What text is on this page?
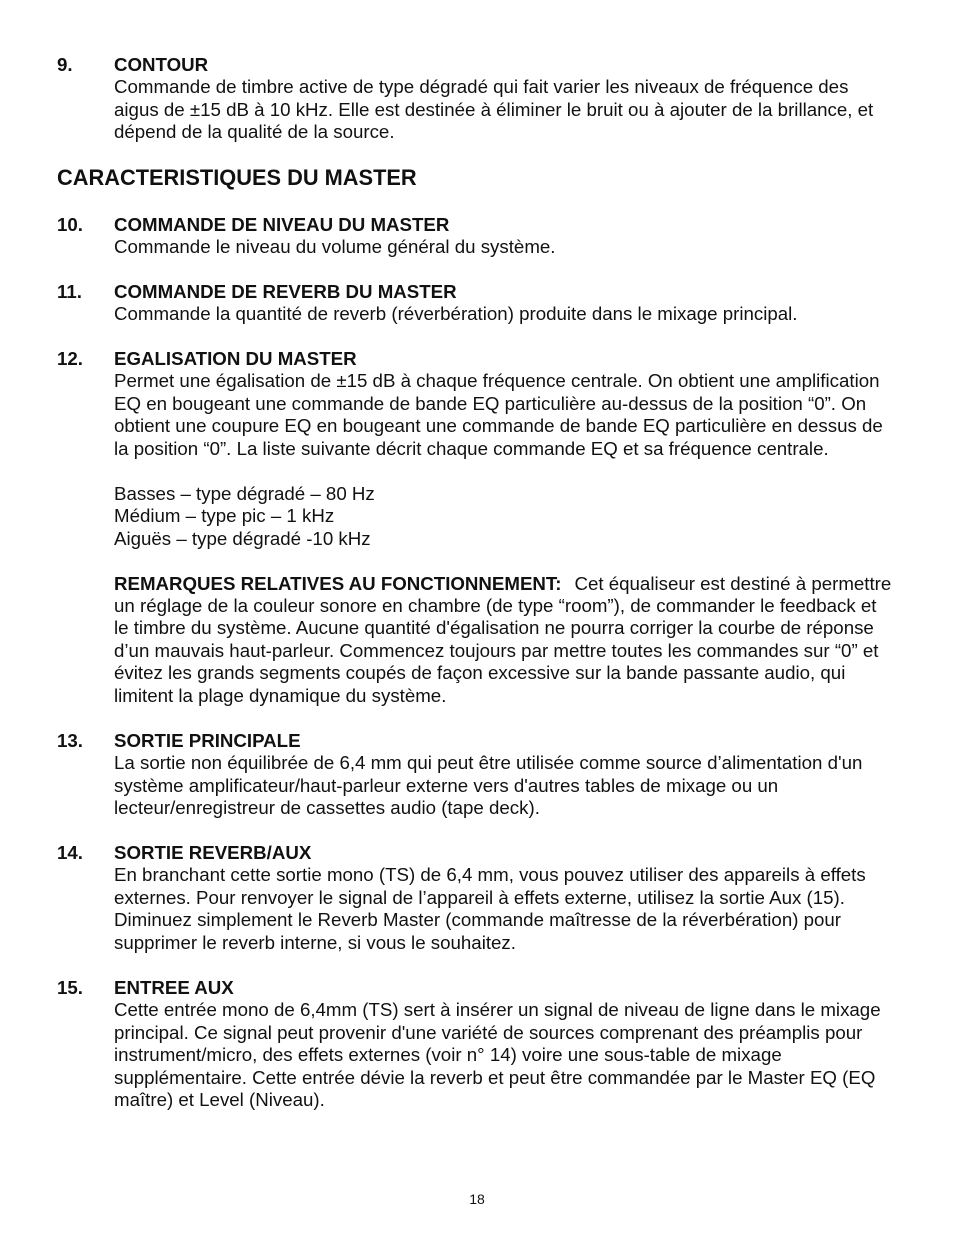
9. CONTOUR
Commande de timbre active de type dégradé qui fait varier les niveaux de fréquence des
aigus de ±15 dB à 10 kHz. Elle est destinée à éliminer le bruit ou à ajouter de la brillance, et
dépend de la qualité de la source.
CARACTERISTIQUES DU MASTER
10. COMMANDE DE NIVEAU DU MASTER
Commande le niveau du volume général du système.
11. COMMANDE DE REVERB DU MASTER
Commande la quantité de reverb (réverbération) produite dans le mixage principal.
12. EGALISATION DU MASTER
Permet une égalisation de ±15 dB à chaque fréquence centrale. On obtient une amplification
EQ en bougeant une commande de bande EQ particulière au-dessus de la position “0”. On
obtient une coupure EQ en bougeant une commande de bande EQ particulière en dessus de
la position “0”. La liste suivante décrit chaque commande EQ et sa fréquence centrale.
Basses – type dégradé – 80 Hz
Médium – type pic – 1 kHz
Aiguës – type dégradé -10 kHz
REMARQUES RELATIVES AU FONCTIONNEMENT: Cet équaliseur est destiné à permettre
un réglage de la couleur sonore en chambre (de type “room”), de commander le feedback et
le timbre du système. Aucune quantité d'égalisation ne pourra corriger la courbe de réponse
d’un mauvais haut-parleur. Commencez toujours par mettre toutes les commandes sur “0” et
évitez les grands segments coupés de façon excessive sur la bande passante audio, qui
limitent la plage dynamique du système.
13. SORTIE PRINCIPALE
La sortie non équilibrée de 6,4 mm qui peut être utilisée comme source d’alimentation d'un
système amplificateur/haut-parleur externe vers d'autres tables de mixage ou un
lecteur/enregistreur de cassettes audio (tape deck).
14. SORTIE REVERB/AUX
En branchant cette sortie mono (TS) de 6,4 mm, vous pouvez utiliser des appareils à effets
externes. Pour renvoyer le signal de l’appareil à effets externe, utilisez la sortie Aux (15).
Diminuez simplement le Reverb Master (commande maîtresse de la réverbération) pour
supprimer le reverb interne, si vous le souhaitez.
15. ENTREE AUX
Cette entrée mono de 6,4mm (TS) sert à insérer un signal de niveau de ligne dans le mixage
principal. Ce signal peut provenir d'une variété de sources comprenant des préamplis pour
instrument/micro, des effets externes (voir n° 14) voire une sous-table de mixage
supplémentaire. Cette entrée dévie la reverb et peut être commandée par le Master EQ (EQ
maître) et Level (Niveau).
18
